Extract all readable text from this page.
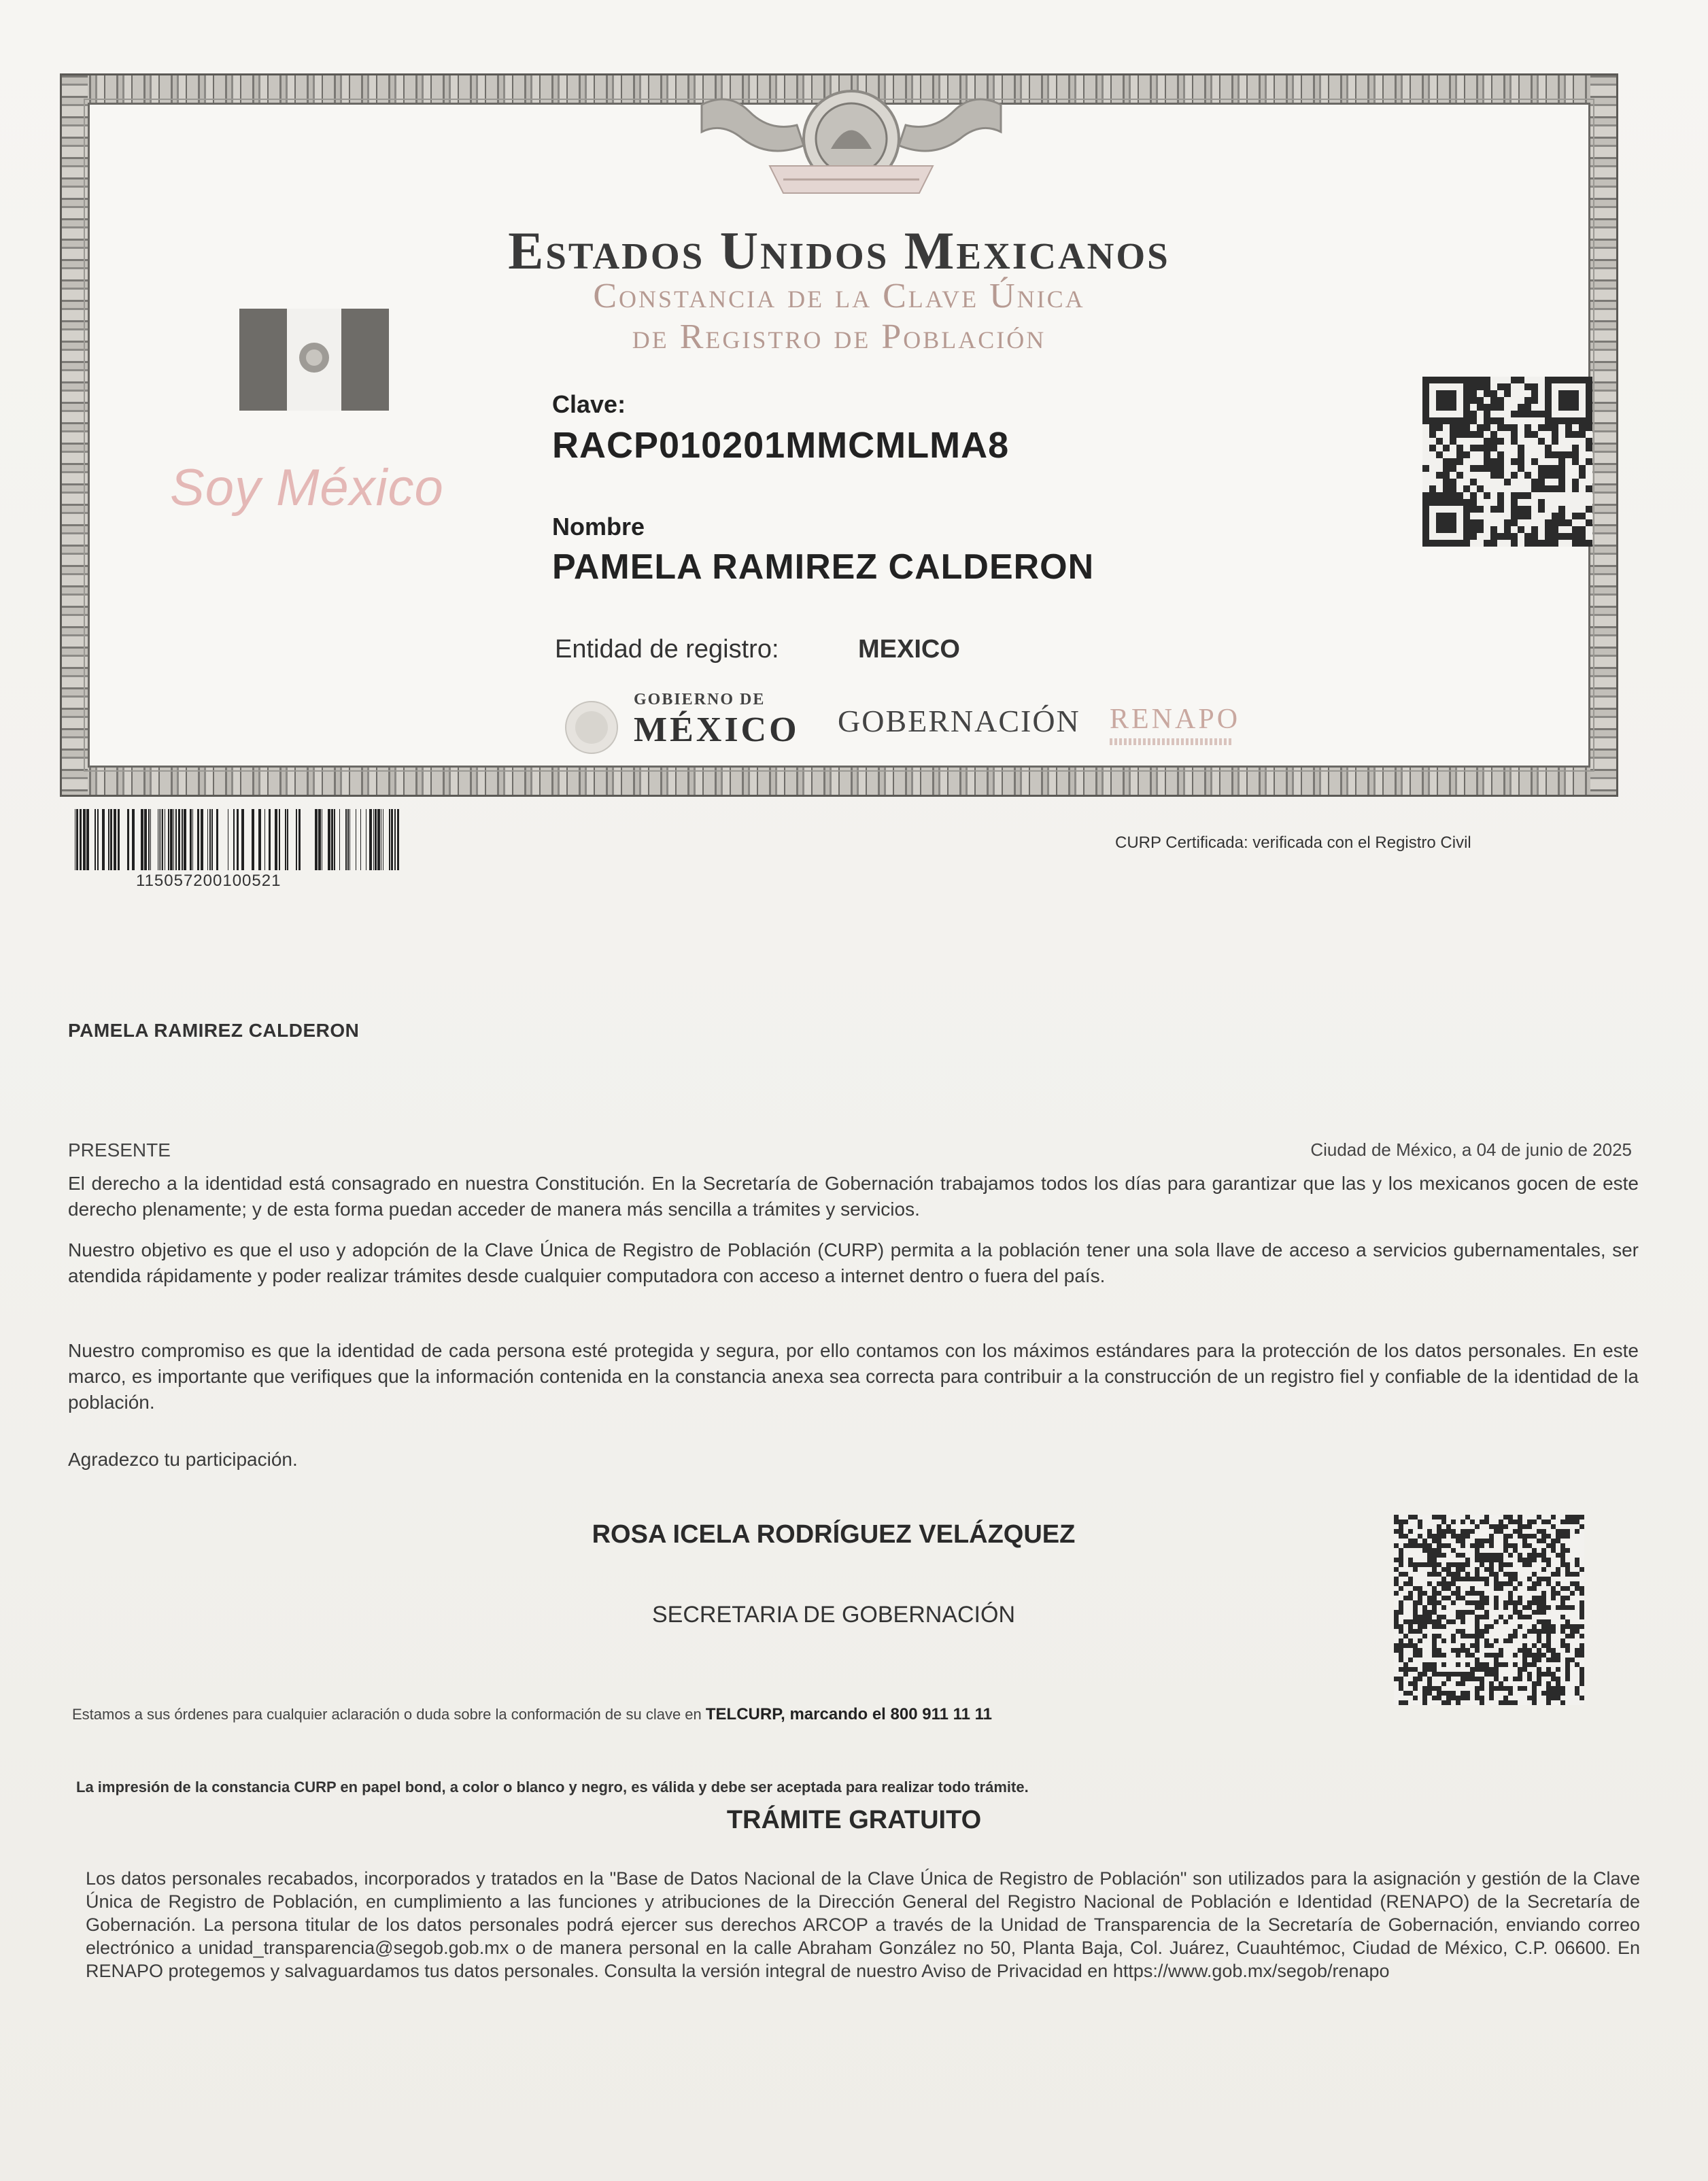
Estados Unidos Mexicanos
Constancia de la Clave Única
de Registro de Población
Soy México
Clave:
RACP010201MMCMLMA8
Nombre
PAMELA RAMIREZ CALDERON
Entidad de registro:	MEXICO
GOBIERNO DE
MÉXICO GOBERNACIÓN RENAPO
115057200100521
CURP Certificada: verificada con el Registro Civil
PAMELA RAMIREZ CALDERON
PRESENTE	Ciudad de México, a 04 de junio de 2025
El derecho a la identidad está consagrado en nuestra Constitución. En la Secretaría de Gobernación trabajamos todos los días para garantizar que las y los mexicanos gocen de este derecho plenamente; y de esta forma puedan acceder de manera más sencilla a trámites y servicios.
Nuestro objetivo es que el uso y adopción de la Clave Única de Registro de Población (CURP) permita a la población tener una sola llave de acceso a servicios gubernamentales, ser atendida rápidamente y poder realizar trámites desde cualquier computadora con acceso a internet dentro o fuera del país.
Nuestro compromiso es que la identidad de cada persona esté protegida y segura, por ello contamos con los máximos estándares para la protección de los datos personales. En este marco, es importante que verifiques que la información contenida en la constancia anexa sea correcta para contribuir a la construcción de un registro fiel y confiable de la identidad de la población.
Agradezco tu participación.
ROSA ICELA RODRÍGUEZ VELÁZQUEZ
SECRETARIA DE GOBERNACIÓN
Estamos a sus órdenes para cualquier aclaración o duda sobre la conformación de su clave en TELCURP, marcando el 800 911 11 11
La impresión de la constancia CURP en papel bond, a color o blanco y negro, es válida y debe ser aceptada para realizar todo trámite.
TRÁMITE GRATUITO
Los datos personales recabados, incorporados y tratados en la "Base de Datos Nacional de la Clave Única de Registro de Población" son utilizados para la asignación y gestión de la Clave Única de Registro de Población, en cumplimiento a las funciones y atribuciones de la Dirección General del Registro Nacional de Población e Identidad (RENAPO) de la Secretaría de Gobernación. La persona titular de los datos personales podrá ejercer sus derechos ARCOP a través de la Unidad de Transparencia de la Secretaría de Gobernación, enviando correo electrónico a unidad_transparencia@segob.gob.mx o de manera personal en la calle Abraham González no 50, Planta Baja, Col. Juárez, Cuauhtémoc, Ciudad de México, C.P. 06600. En RENAPO protegemos y salvaguardamos tus datos personales. Consulta la versión integral de nuestro Aviso de Privacidad en https://www.gob.mx/segob/renapo
